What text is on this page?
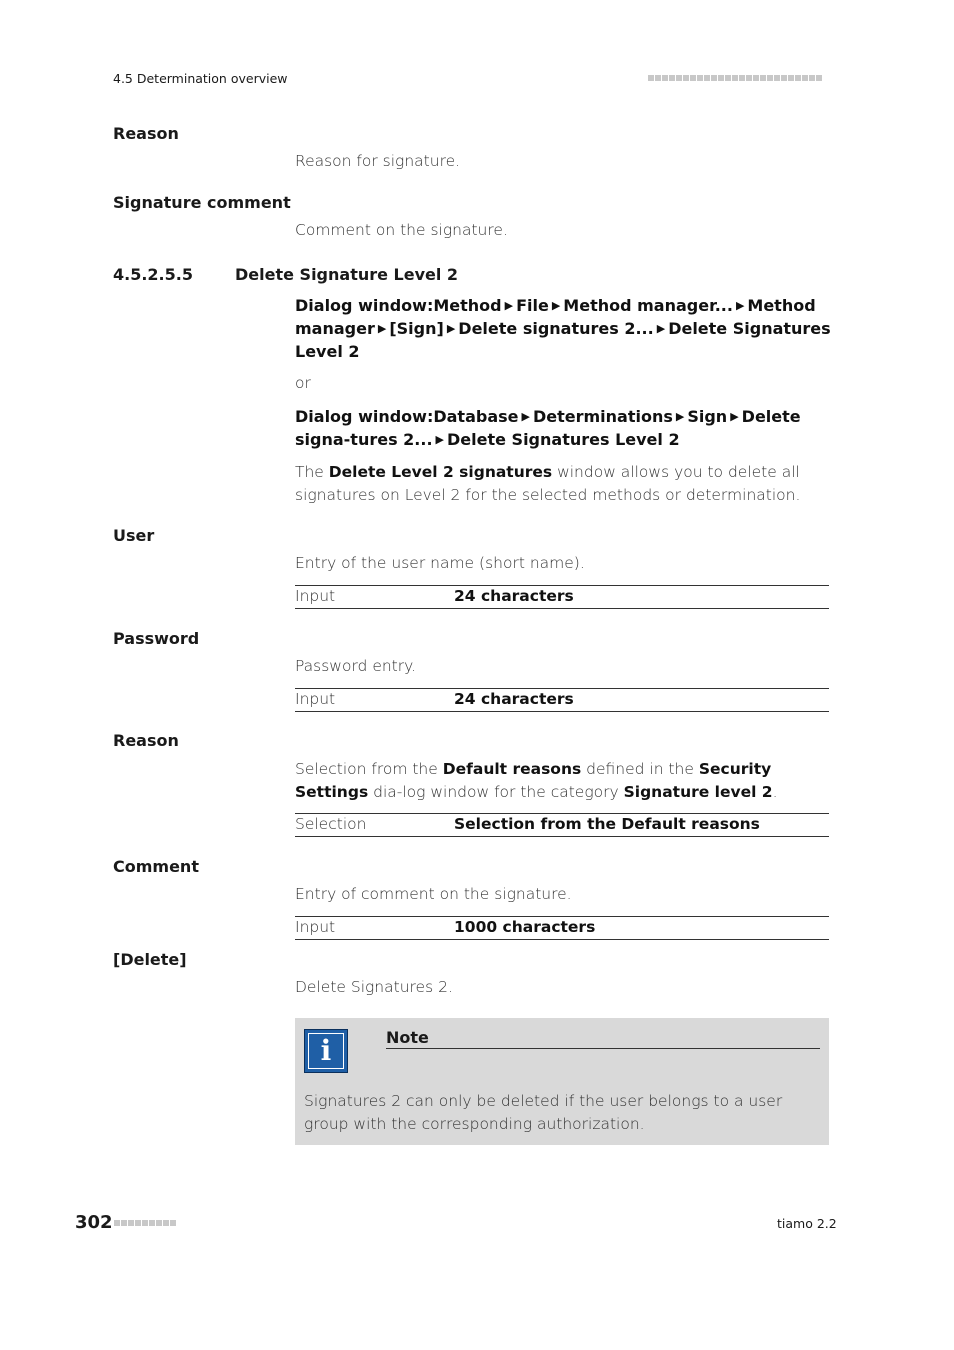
4.5 Determination overview
Reason
Reason for signature.
Signature comment
Comment on the signature.
4.5.2.5.5	Delete Signature Level 2
Dialog window:Method ▶ File ▶ Method manager... ▶ Method manager ▶ [Sign] ▶ Delete signatures 2... ▶ Delete Signatures Level 2
or
Dialog window:Database ▶ Determinations ▶ Sign ▶ Delete signa-tures 2... ▶ Delete Signatures Level 2
The Delete Level 2 signatures window allows you to delete all signatures on Level 2 for the selected methods or determination.
User
Entry of the user name (short name).
Input	24 characters
Password
Password entry.
Input	24 characters
Reason
Selection from the Default reasons defined in the Security Settings dia-log window for the category Signature level 2.
Selection	Selection from the Default reasons
Comment
Entry of comment on the signature.
Input	1000 characters
[Delete]
Delete Signatures 2.
i	Note
Signatures 2 can only be deleted if the user belongs to a user group with the corresponding authorization.
302	tiamo 2.2
